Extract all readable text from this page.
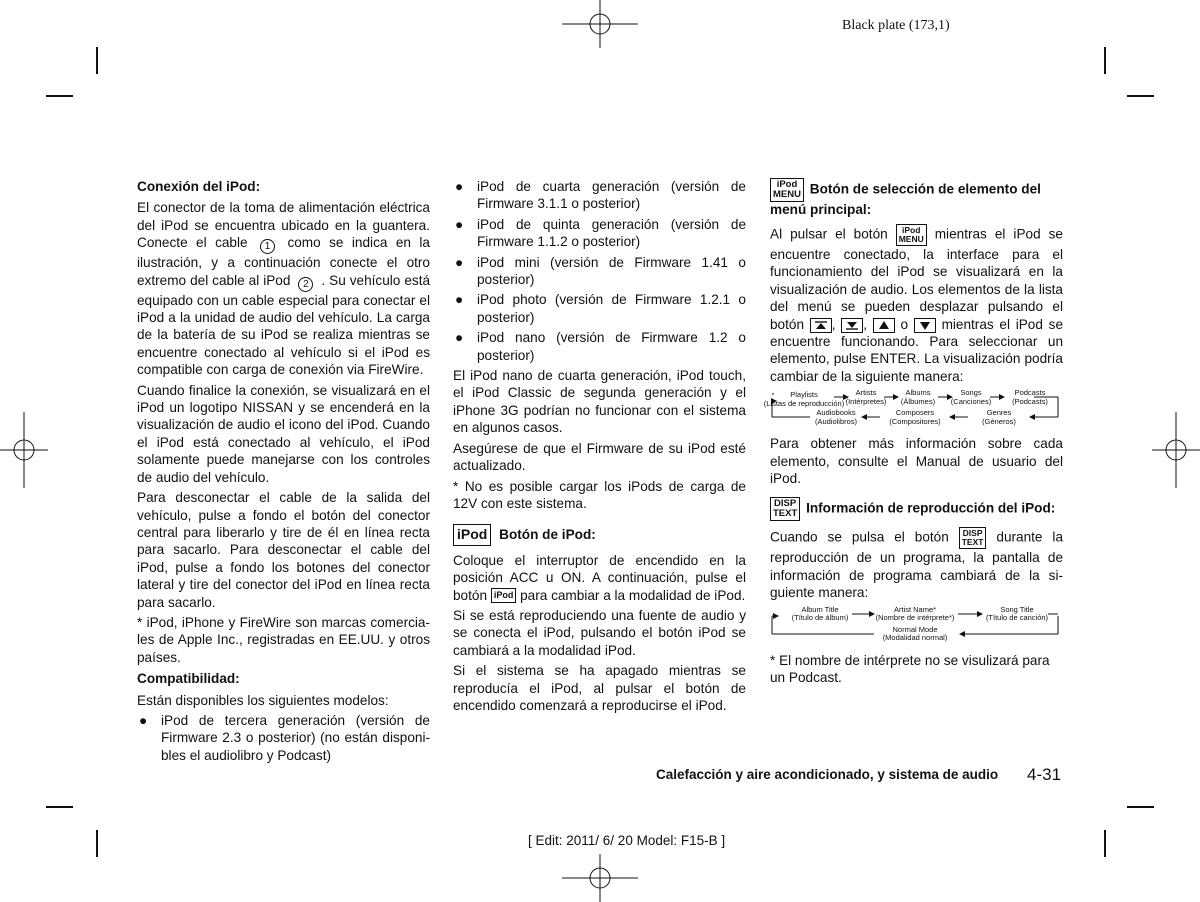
Black plate (173,1)
Conexión del iPod:

El conector de la toma de alimentación eléctrica del iPod se encuentra ubicado en la guantera. Conecte el cable 1 como se indica en la ilustración, y a continuación conecte el otro extremo del cable al iPod 2 . Su vehículo está equipado con un cable especial para conectar el iPod a la unidad de audio del vehículo. La carga de la batería de su iPod se realiza mientras se encuentre conectado al vehículo si el iPod es compatible con carga de conexión via FireWire.

Cuando finalice la conexión, se visualizará en el iPod un logotipo NISSAN y se encenderá en la visualización de audio el icono del iPod. Cuando el iPod está conectado al vehículo, el iPod solamente puede manejarse con los controles de audio del vehículo.

Para desconectar el cable de la salida del vehículo, pulse a fondo el botón del conector central para liberarlo y tire de él en línea recta para sacarlo. Para desconectar el cable del iPod, pulse a fondo los botones del conector lateral y tire del conector del iPod en línea recta para sacarlo.

* iPod, iPhone y FireWire son marcas comercia-les de Apple Inc., registradas en EE.UU. y otros países.

Compatibilidad:

Están disponibles los siguientes modelos:

● iPod de tercera generación (versión de Firmware 2.3 o posterior) (no están disponi-bles el audiolibro y Podcast)
● iPod de cuarta generación (versión de Firmware 3.1.1 o posterior)
● iPod de quinta generación (versión de Firmware 1.1.2 o posterior)
● iPod mini (versión de Firmware 1.41 o posterior)
● iPod photo (versión de Firmware 1.2.1 o posterior)
● iPod nano (versión de Firmware 1.2 o posterior)

El iPod nano de cuarta generación, iPod touch, el iPod Classic de segunda generación y el iPhone 3G podrían no funcionar con el sistema en algunos casos.

Asegúrese de que el Firmware de su iPod esté actualizado.

* No es posible cargar los iPods de carga de 12V con este sistema.

iPod Botón de iPod:

Coloque el interruptor de encendido en la posición ACC u ON. A continuación, pulse el botón iPod para cambiar a la modalidad de iPod.

Si se está reproduciendo una fuente de audio y se conecta el iPod, pulsando el botón iPod se cambiará a la modalidad iPod.

Si el sistema se ha apagado mientras se reproducía el iPod, al pulsar el botón de encendido comenzará a reproducirse el iPod.

iPod
MENU Botón de selección de elemento del menú principal:

Al pulsar el botón iPod
MENU mientras el iPod se encuentre conectado, la interface para el funcionamiento del iPod se visualizará en la visualización de audio. Los elementos de la lista del menú se pueden desplazar pulsando el botón , , o mientras el iPod se encuentre funcionando. Para seleccionar un elemento, pulse ENTER. La visualización podría cambiar de la siguiente manera:

Playlists
(Listas de reproducción)
Artists
(Intérpretes)
Albums
(Álbumes)
Songs
(Canciones)
Podcasts
(Podcasts)
Audiobooks
(Audiolibros)
Composers
(Compositores)
Genres
(Géneros)

Para obtener más información sobre cada elemento, consulte el Manual de usuario del iPod.

DISP
TEXT Información de reproducción del iPod:

Cuando se pulsa el botón DISP
TEXT durante la reproducción de un programa, la pantalla de información de programa cambiará de la si-guiente manera:

Album Title
(Título de álbum)
Artist Name*
(Nombre de intérprete*)
Song Title
(Título de canción)
Normal Mode
(Modalidad normal)

* El nombre de intérprete no se visulizará para un Podcast.

Calefacción y aire acondicionado, y sistema de audio 4-31
[ Edit: 2011/ 6/ 20 Model: F15-B ]
